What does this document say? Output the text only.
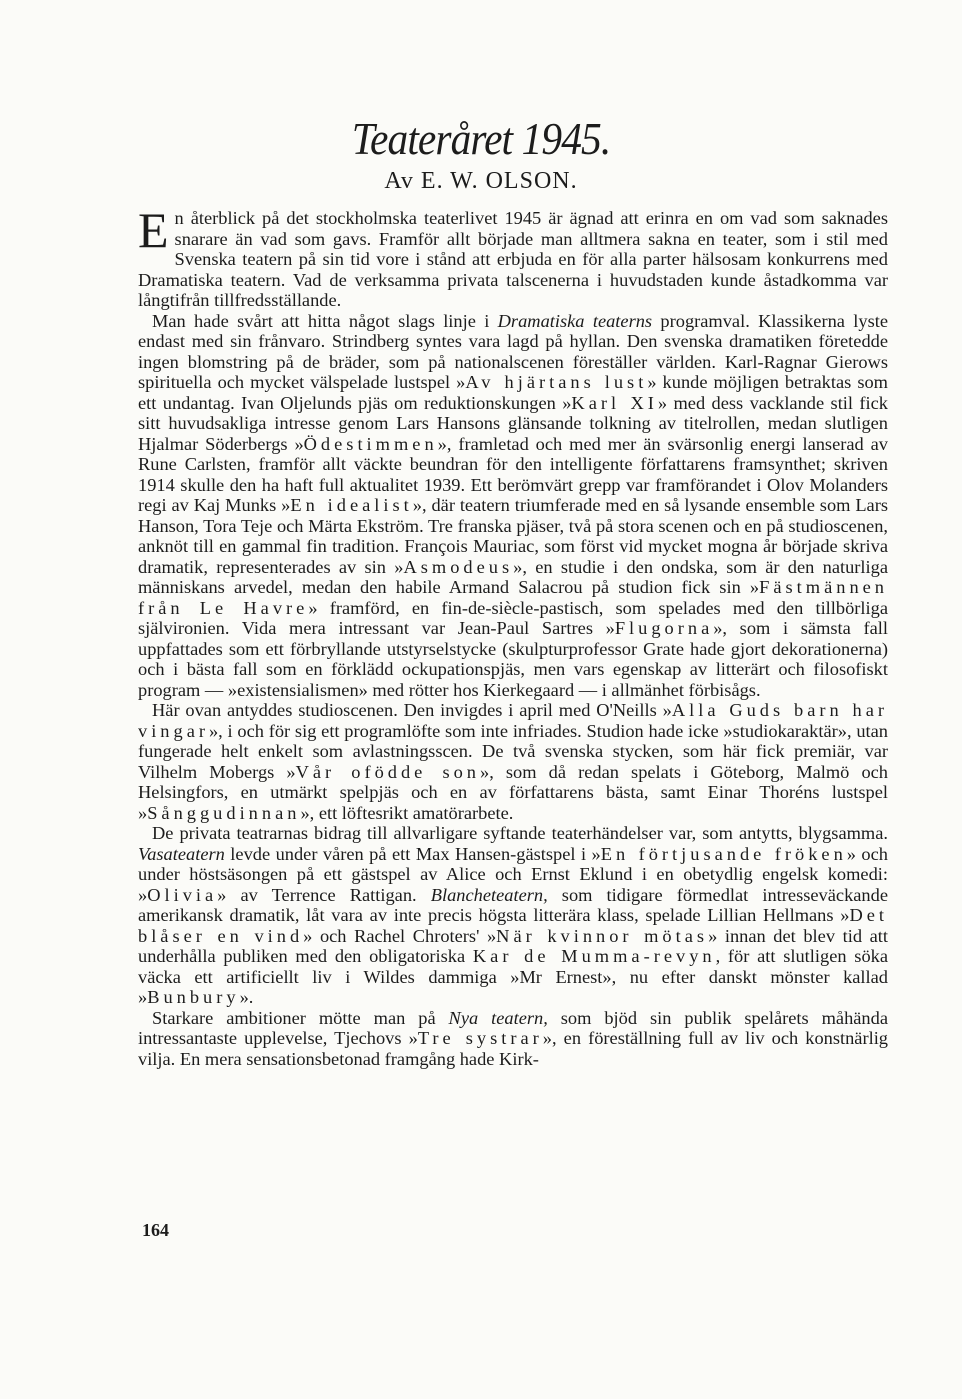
Teateråret 1945.
Av E. W. OLSON.

En återblick på det stockholmska teaterlivet 1945 är ägnad att erinra en om vad som saknades snarare än vad som gavs. Framför allt började man alltmera sakna en teater, som i stil med Svenska teatern på sin tid vore i stånd att erbjuda en för alla parter hälsosam konkurrens med Dramatiska teatern. Vad de verksamma privata talscenerna i huvudstaden kunde åstadkomma var långtifrån tillfredsställande.

Man hade svårt att hitta något slags linje i Dramatiska teaterns programval. Klassikerna lyste endast med sin frånvaro. Strindberg syntes vara lagd på hyllan. Den svenska dramatiken företedde ingen blomstring på de bräder, som på nationalscenen föreställer världen. Karl-Ragnar Gierows spirituella och mycket välspelade lustspel »Av hjärtans lust» kunde möjligen betraktas som ett undantag. Ivan Oljelunds pjäs om reduktionskungen »Karl XI» med dess vacklande stil fick sitt huvudsakliga intresse genom Lars Hansons glänsande tolkning av titelrollen, medan slutligen Hjalmar Söderbergs »Ödestimmen», framletad och med mer än svärsonlig energi lanserad av Rune Carlsten, framför allt väckte beundran för den intelligente författarens framsynthet; skriven 1914 skulle den ha haft full aktualitet 1939. Ett berömvärt grepp var framförandet i Olov Molanders regi av Kaj Munks »En idealist», där teatern triumferade med en så lysande ensemble som Lars Hanson, Tora Teje och Märta Ekström. Tre franska pjäser, två på stora scenen och en på studioscenen, anknöt till en gammal fin tradition. François Mauriac, som först vid mycket mogna år började skriva dramatik, representerades av sin »Asmodeus», en studie i den ondska, som är den naturliga människans arvedel, medan den habile Armand Salacrou på studion fick sin »Fästmännen från Le Havre» framförd, en fin-de-siècle-pastisch, som spelades med den tillbörliga självironien. Vida mera intressant var Jean-Paul Sartres »Flugorna», som i sämsta fall uppfattades som ett förbryllande utstyrselstycke (skulpturprofessor Grate hade gjort dekorationerna) och i bästa fall som en förklädd ockupationspjäs, men vars egenskap av litterärt och filosofiskt program — »existensialismen» med rötter hos Kierkegaard — i allmänhet förbisågs.

Här ovan antyddes studioscenen. Den invigdes i april med O'Neills »Alla Guds barn har vingar», i och för sig ett programlöfte som inte infriades. Studion hade icke »studiokaraktär», utan fungerade helt enkelt som avlastningsscen. De två svenska stycken, som här fick premiär, var Vilhelm Mobergs »Vår ofödde son», som då redan spelats i Göteborg, Malmö och Helsingfors, en utmärkt spelpjäs och en av författarens bästa, samt Einar Thoréns lustspel »Sånggudinnan», ett löftesrikt amatörarbete.

De privata teatrarnas bidrag till allvarligare syftande teaterhändelser var, som antytts, blygsamma. Vasateatern levde under våren på ett Max Hansen-gästspel i »En förtjusande fröken» och under höstsäsongen på ett gästspel av Alice och Ernst Eklund i en obetydlig engelsk komedi: »Olivia» av Terrence Rattigan. Blancheteatern, som tidigare förmedlat intresseväckande amerikansk dramatik, låt vara av inte precis högsta litterära klass, spelade Lillian Hellmans »Det blåser en vind» och Rachel Chroters' »När kvinnor mötas» innan det blev tid att underhålla publiken med den obligatoriska Kar de Mumma-revyn, för att slutligen söka väcka ett artificiellt liv i Wildes dammiga »Mr Ernest», nu efter danskt mönster kallad »Bunbury».

Starkare ambitioner mötte man på Nya teatern, som bjöd sin publik spelårets måhända intressantaste upplevelse, Tjechovs »Tre systrar», en föreställning full av liv och konstnärlig vilja. En mera sensationsbetonad framgång hade Kirk-

164
